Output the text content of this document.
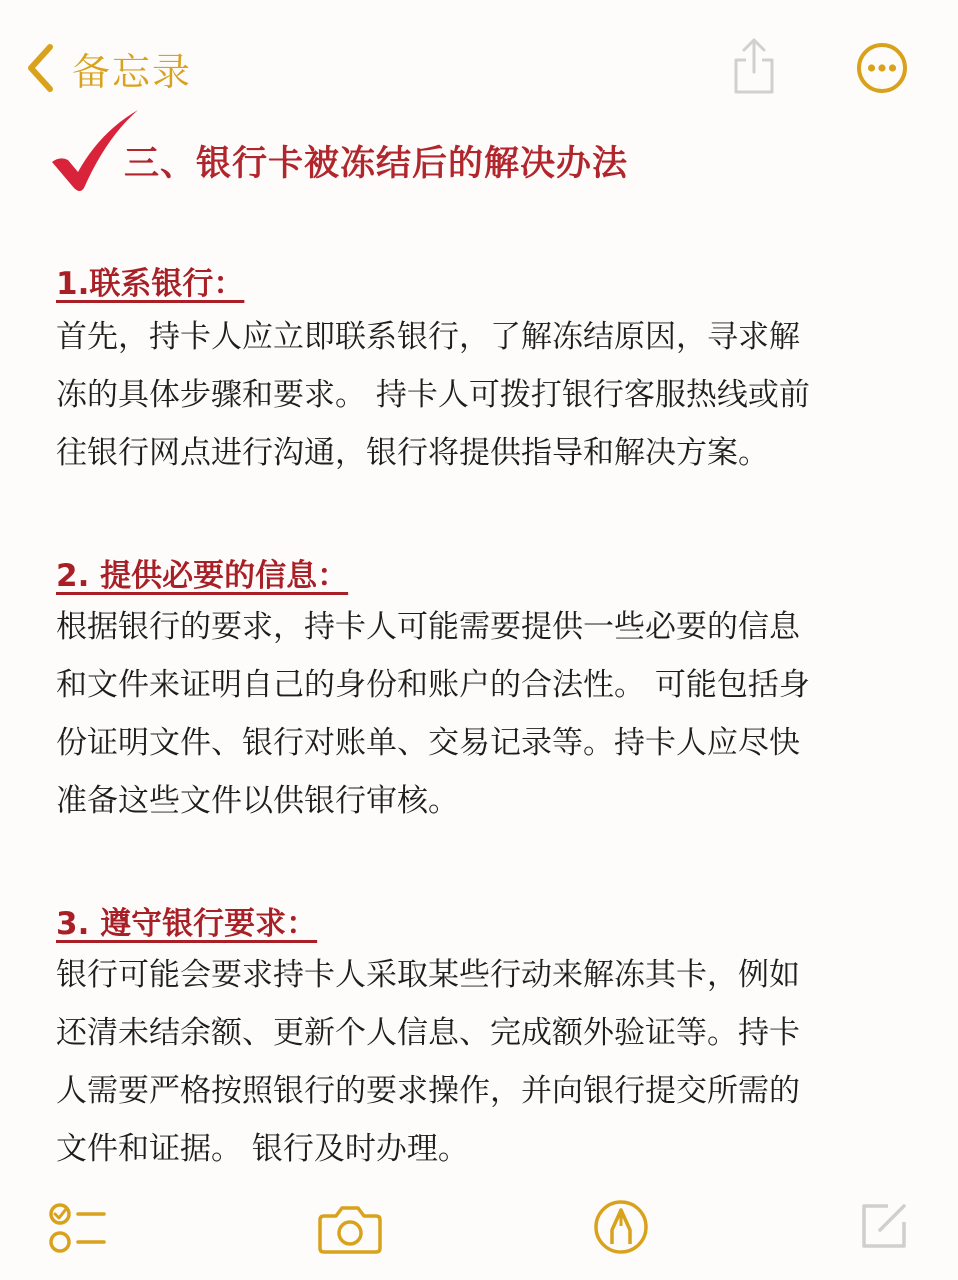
备忘录
三、银行卡被冻结后的解决办法
1.联系银行：
首先，持卡人应立即联系银行，了解冻结原因，寻求解
冻的具体步骤和要求。 持卡人可拨打银行客服热线或前
往银行网点进行沟通，银行将提供指导和解决方案。
2. 提供必要的信息：
根据银行的要求，持卡人可能需要提供一些必要的信息
和文件来证明自己的身份和账户的合法性。 可能包括身
份证明文件、银行对账单、交易记录等。持卡人应尽快
准备这些文件以供银行审核。
3. 遵守银行要求：
银行可能会要求持卡人采取某些行动来解冻其卡，例如
还清未结余额、更新个人信息、完成额外验证等。持卡
人需要严格按照银行的要求操作，并向银行提交所需的
文件和证据。 银行及时办理。
